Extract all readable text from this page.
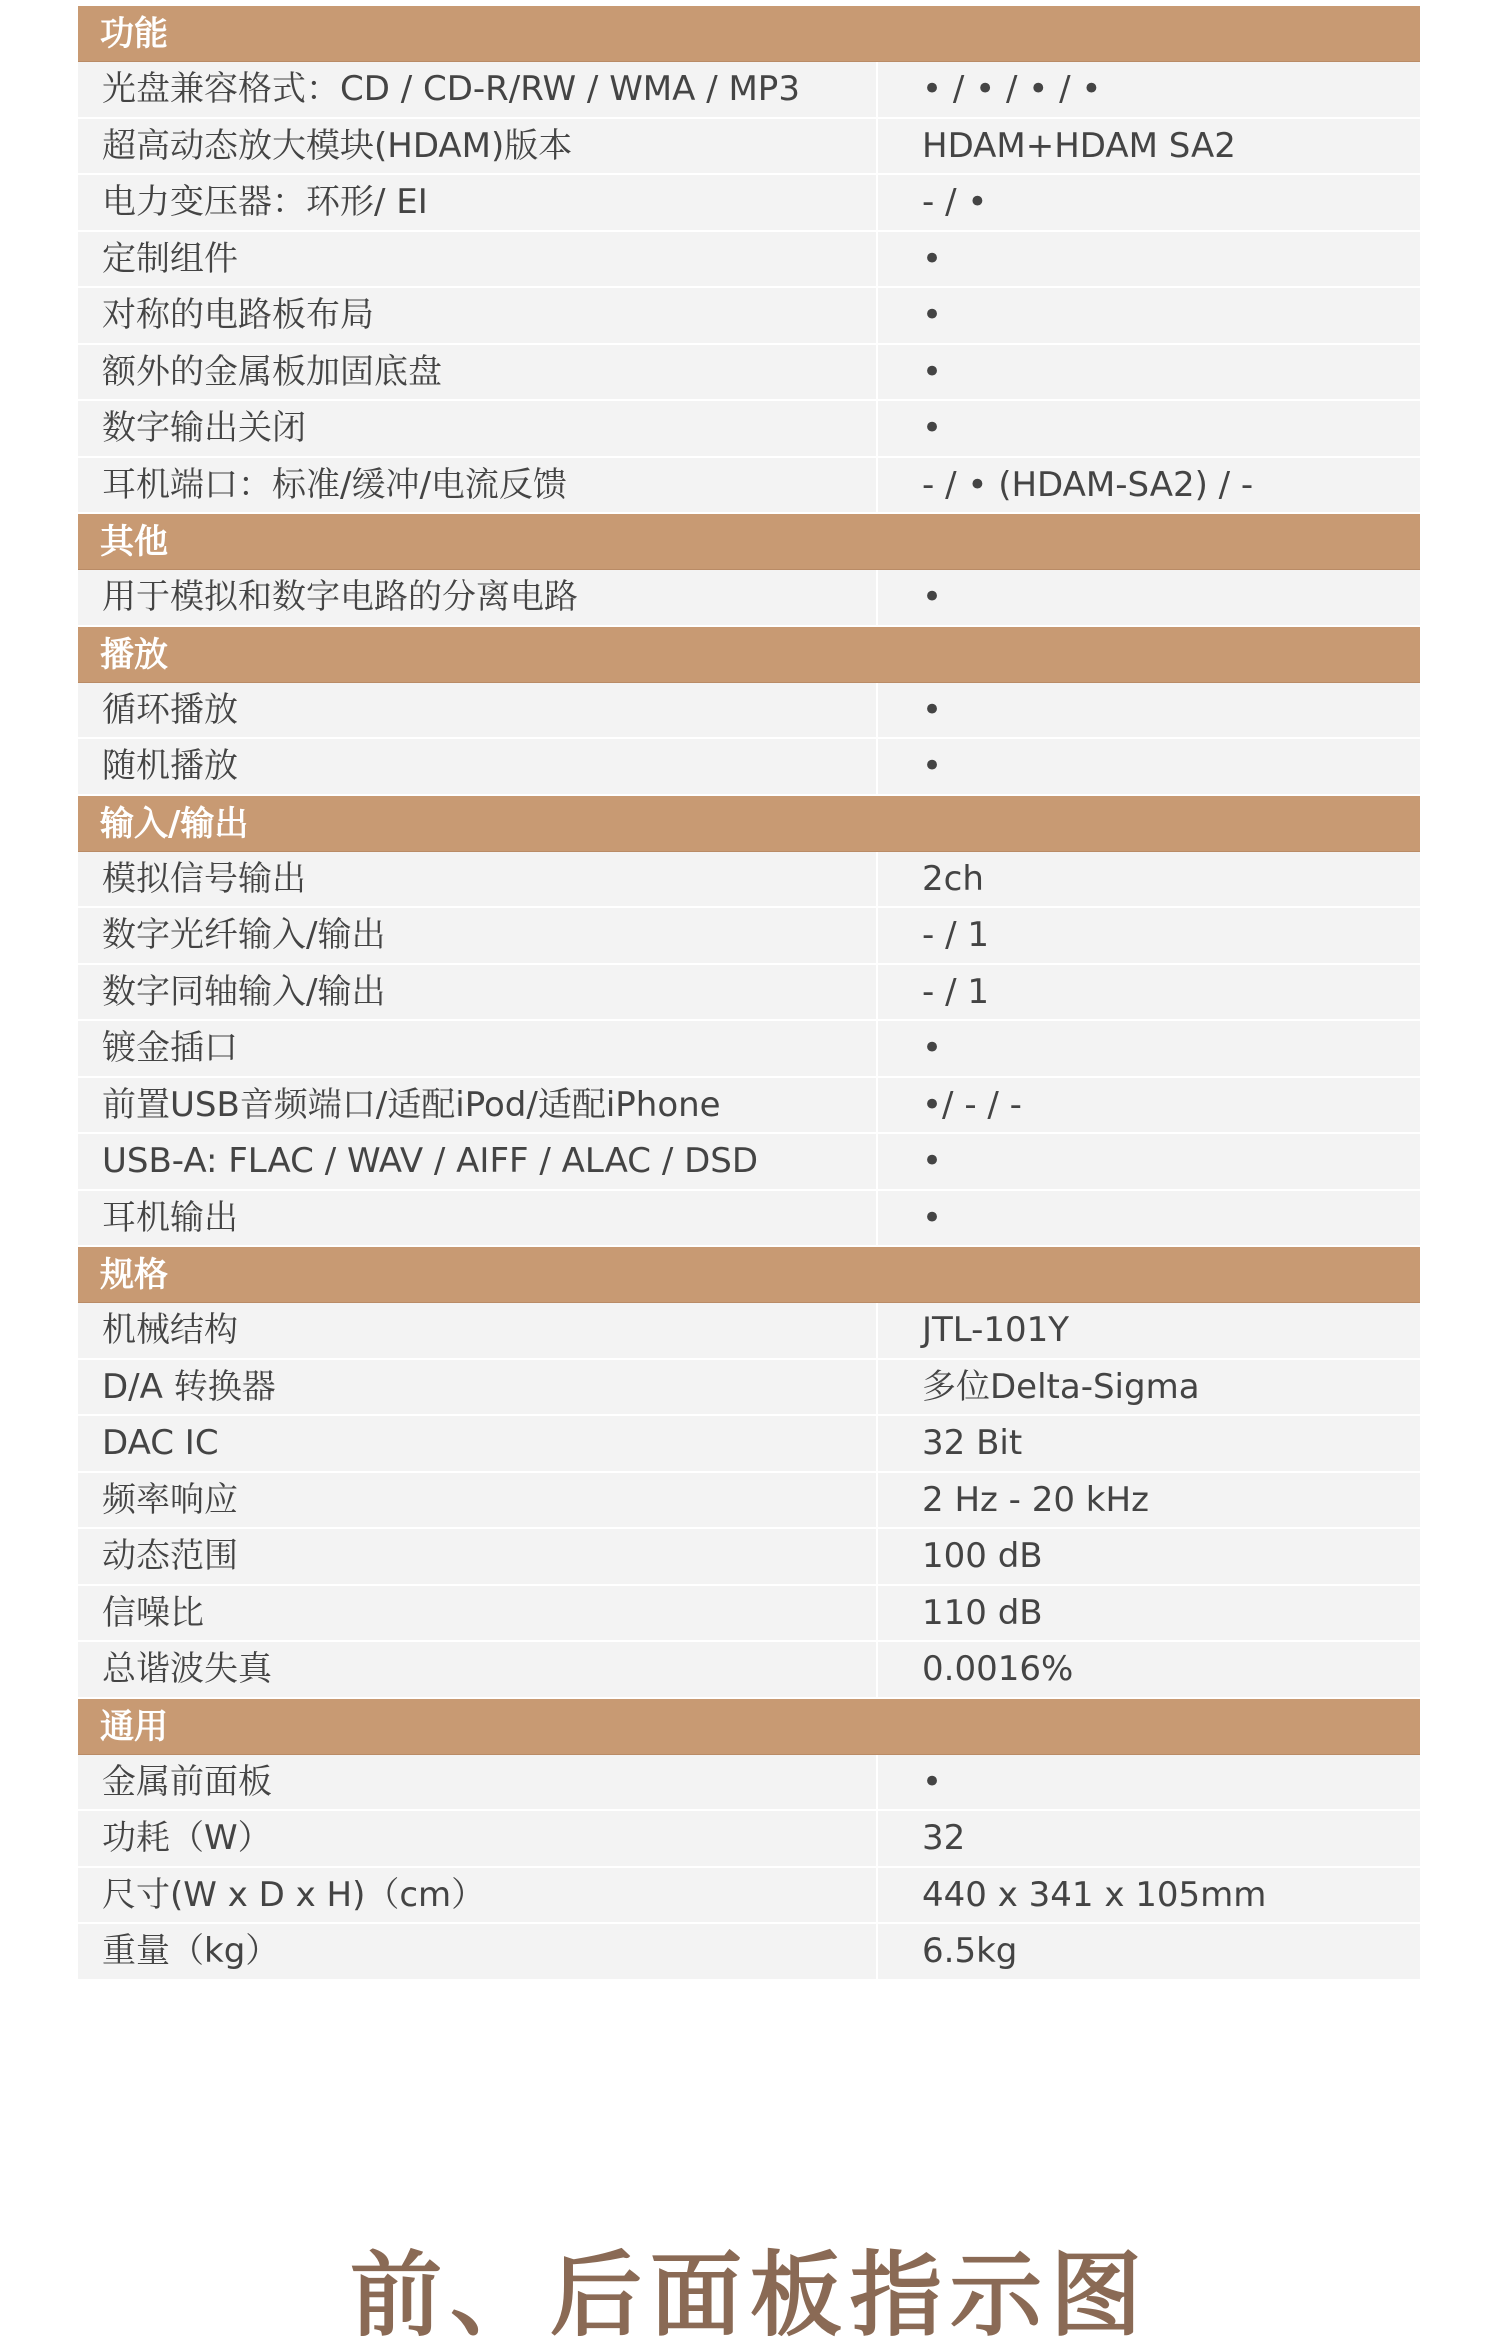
功能
光盘兼容格式：CD / CD-R/RW / WMA / MP3	• / • / • / •
超高动态放大模块(HDAM)版本	HDAM+HDAM SA2
电力变压器：环形/ EI	- / •
定制组件	•
对称的电路板布局	•
额外的金属板加固底盘	•
数字输出关闭	•
耳机端口：标准/缓冲/电流反馈	- / • (HDAM-SA2) / -
其他
用于模拟和数字电路的分离电路	•
播放
循环播放	•
随机播放	•
输入/输出
模拟信号输出	2ch
数字光纤输入/输出	- / 1
数字同轴输入/输出	- / 1
镀金插口	•
前置USB音频端口/适配iPod/适配iPhone	•/ - / -
USB-A: FLAC / WAV / AIFF / ALAC / DSD	•
耳机输出	•
规格
机械结构	JTL-101Y
D/A 转换器	多位Delta-Sigma
DAC IC	32 Bit
频率响应	2 Hz - 20 kHz
动态范围	100 dB
信噪比	110 dB
总谐波失真	0.0016%
通用
金属前面板	•
功耗（W）	32
尺寸(W x D x H)（cm）	440 x 341 x 105mm
重量（kg）	6.5kg
前、后面板指示图
